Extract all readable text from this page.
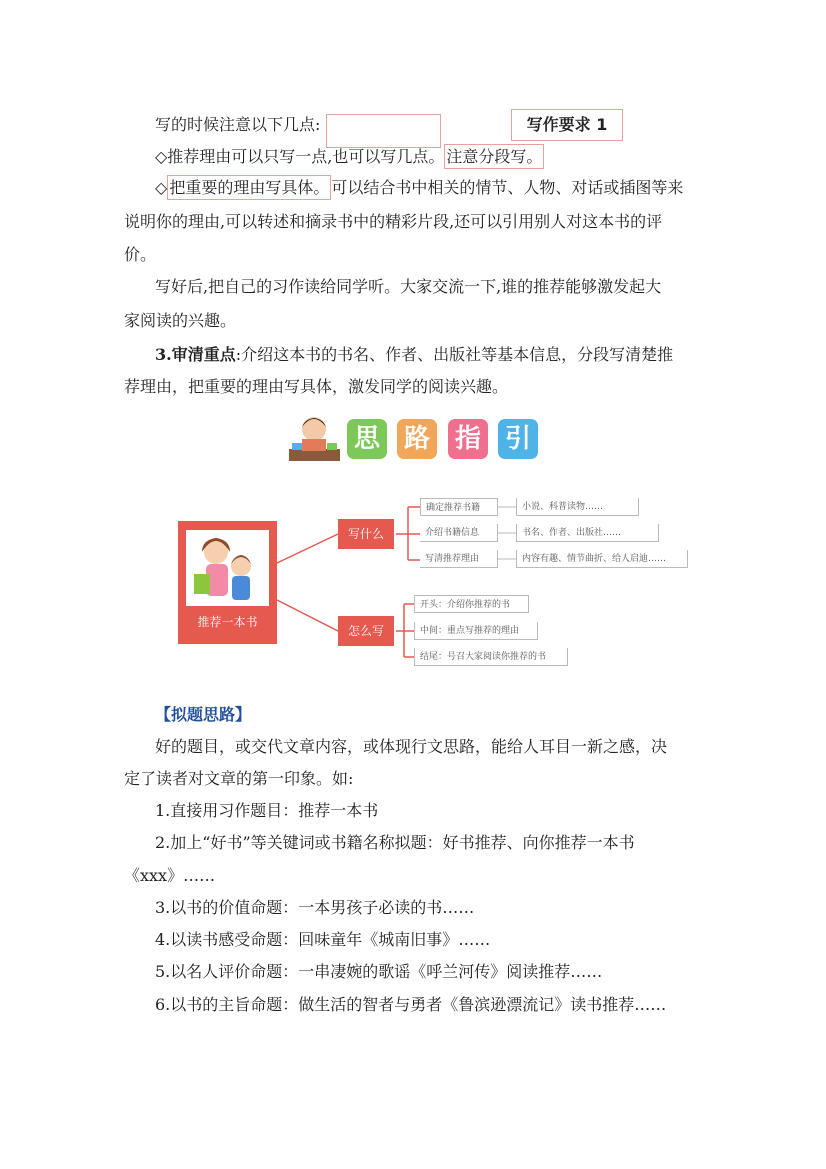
写作要求 1
写的时候注意以下几点:
◇推荐理由可以只写一点,也可以写几点。 注意分段写。
◇ 把重要的理由写具体。 可以结合书中相关的情节、人物、对话或插图等来
说明你的理由,可以转述和摘录书中的精彩片段,还可以引用别人对这本书的评
价。
写好后,把自己的习作读给同学听。大家交流一下,谁的推荐能够激发起大
家阅读的兴趣。
3.审清重点:介绍这本书的书名、作者、出版社等基本信息，分段写清楚推
荐理由，把重要的理由写具体，激发同学的阅读兴趣。
思 路 指 引
推荐一本书
写什么
怎么写
确定推荐书籍	小说、科普读物……
介绍书籍信息	书名、作者、出版社……
写清推荐理由	内容有趣、情节曲折、给人启迪……
开头：介绍你推荐的书
中间：重点写推荐的理由
结尾：号召大家阅读你推荐的书
【拟题思路】
好的题目，或交代文章内容，或体现行文思路，能给人耳目一新之感，决
定了读者对文章的第一印象。如:
1.直接用习作题目：推荐一本书
2.加上“好书”等关键词或书籍名称拟题：好书推荐、向你推荐一本书
《xxx》……
3.以书的价值命题：一本男孩子必读的书……
4.以读书感受命题：回味童年《城南旧事》……
5.以名人评价命题：一串凄婉的歌谣《呼兰河传》阅读推荐……
6.以书的主旨命题：做生活的智者与勇者《鲁滨逊漂流记》读书推荐……
